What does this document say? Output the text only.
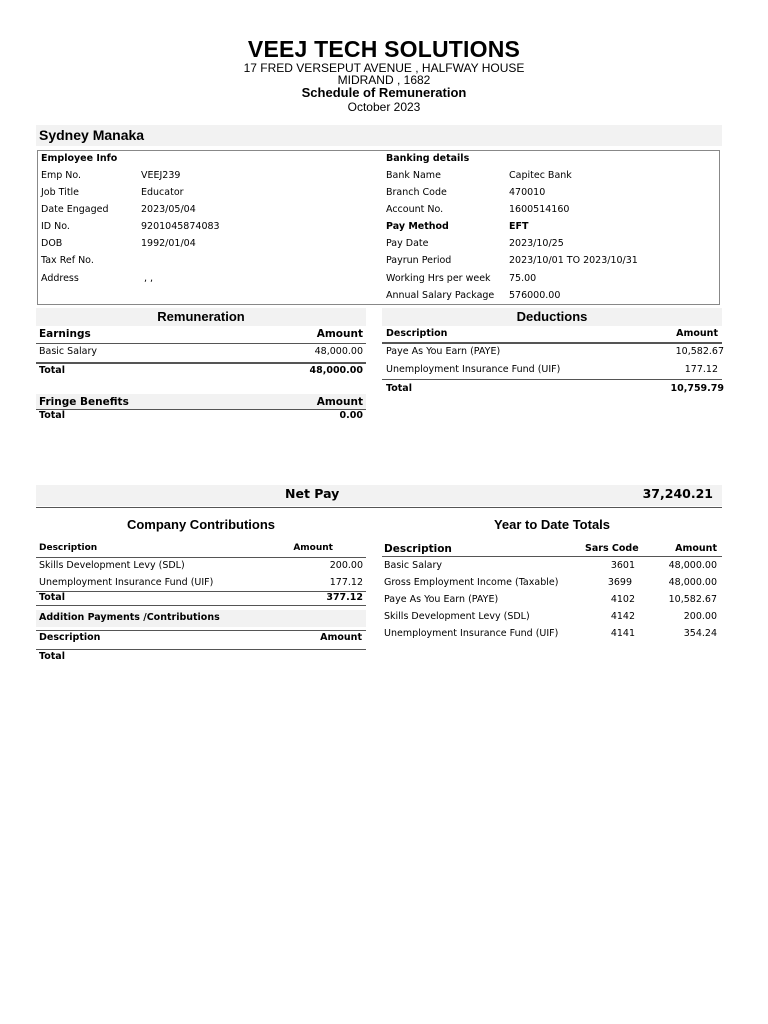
VEEJ TECH SOLUTIONS
17 FRED VERSEPUT AVENUE , HALFWAY HOUSE
MIDRAND , 1682
Schedule of Remuneration
October 2023
Sydney Manaka
Employee Info	Banking details
Emp No.	VEEJ239
Job Title	Educator
Date Engaged	2023/05/04
ID No.	9201045874083
DOB	1992/01/04
Tax Ref No.
Address	, ,
Bank Name	Capitec Bank
Branch Code	470010
Account No.	1600514160
Pay Method	EFT
Pay Date	2023/10/25
Payrun Period	2023/10/01 TO 2023/10/31
Working Hrs per week 75.00
Annual Salary Package 576000.00
Remuneration
Earnings	Amount
Basic Salary	48,000.00
Total	48,000.00
Fringe Benefits	Amount
Total	0.00
Deductions
Description	Amount
Paye As You Earn (PAYE)	10,582.67
Unemployment Insurance Fund (UIF)	177.12
Total	10,759.79
Net Pay	37,240.21
Company Contributions
Description	Amount
Skills Development Levy (SDL)	200.00
Unemployment Insurance Fund (UIF)	177.12
Total	377.12
Addition Payments /Contributions
Description	Amount
Total
Year to Date Totals
Description	Sars Code	Amount
Basic Salary	3601	48,000.00
Gross Employment Income (Taxable)	3699	48,000.00
Paye As You Earn (PAYE)	4102	10,582.67
Skills Development Levy (SDL)	4142	200.00
Unemployment Insurance Fund (UIF)	4141	354.24
